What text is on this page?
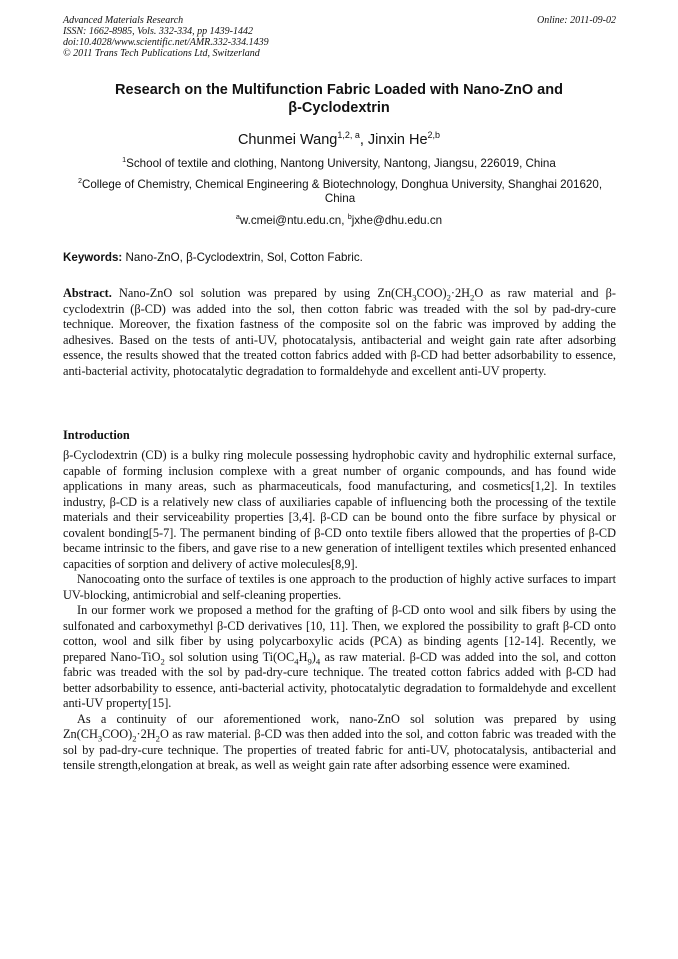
Advanced Materials Research
ISSN: 1662-8985, Vols. 332-334, pp 1439-1442
doi:10.4028/www.scientific.net/AMR.332-334.1439
© 2011 Trans Tech Publications Ltd, Switzerland
Online: 2011-09-02
Research on the Multifunction Fabric Loaded with Nano-ZnO and
β-Cyclodextrin
Chunmei Wang$^{1,2, a}$, Jinxin He$^{2,b}$
$^1$School of textile and clothing, Nantong University, Nantong, Jiangsu, 226019, China
$^2$College of Chemistry, Chemical Engineering & Biotechnology, Donghua University, Shanghai 201620, China
$^a$w.cmei@ntu.edu.cn, $^b$jxhe@dhu.edu.cn
Keywords: Nano-ZnO, β-Cyclodextrin, Sol, Cotton Fabric.

Abstract. Nano-ZnO sol solution was prepared by using $Zn(CH_3COO)_2\cdot 2H_2O$ as raw material and β-cyclodextrin (β-CD) was added into the sol, then cotton fabric was treaded with the sol by pad-dry-cure technique. Moreover, the fixation fastness of the composite sol on the fabric was improved by adding the adhesives. Based on the tests of anti-UV, photocatalysis, antibacterial and weight gain rate after adsorbing essence, the results showed that the treated cotton fabrics added with β-CD had better adsorbability to essence, anti-bacterial activity, photocatalytic degradation to formaldehyde and excellent anti-UV property.

Introduction

β-Cyclodextrin (CD) is a bulky ring molecule possessing hydrophobic cavity and hydrophilic external surface, capable of forming inclusion complexe with a great number of organic compounds, and has found wide applications in many areas, such as pharmaceuticals, food manufacturing, and cosmetics[1,2]. In textiles industry, β-CD is a relatively new class of auxiliaries capable of influencing both the processing of the textile materials and their serviceability properties [3,4]. β-CD can be bound onto the fibre surface by physical or covalent bonding[5-7]. The permanent binding of β-CD onto textile fibers allowed that the properties of β-CD became intrinsic to the fibers, and gave rise to a new generation of intelligent textiles which presented enhanced capacities of sorption and delivery of active molecules[8,9].

Nanocoating onto the surface of textiles is one approach to the production of highly active surfaces to impart UV-blocking, antimicrobial and self-cleaning properties.

In our former work we proposed a method for the grafting of β-CD onto wool and silk fibers by using the sulfonated and carboxymethyl β-CD derivatives [10, 11]. Then, we explored the possibility to graft β-CD onto cotton, wool and silk fiber by using polycarboxylic acids (PCA) as binding agents [12-14]. Recently, we prepared Nano-TiO$_2$ sol solution using $Ti(OC_4H_9)_4$ as raw material. β-CD was added into the sol, and cotton fabric was treaded with the sol by pad-dry-cure technique. The treated cotton fabrics added with β-CD had better adsorbability to essence, anti-bacterial activity, photocatalytic degradation to formaldehyde and excellent anti-UV property[15].

As a continuity of our aforementioned work, nano-ZnO sol solution was prepared by using $Zn(CH_3COO)_2\cdot 2H_2O$ as raw material. β-CD was then added into the sol, and cotton fabric was treaded with the sol by pad-dry-cure technique. The properties of treated fabric for anti-UV, photocatalysis, antibacterial and tensile strength,elongation at break, as well as weight gain rate after adsorbing essence were examined.
